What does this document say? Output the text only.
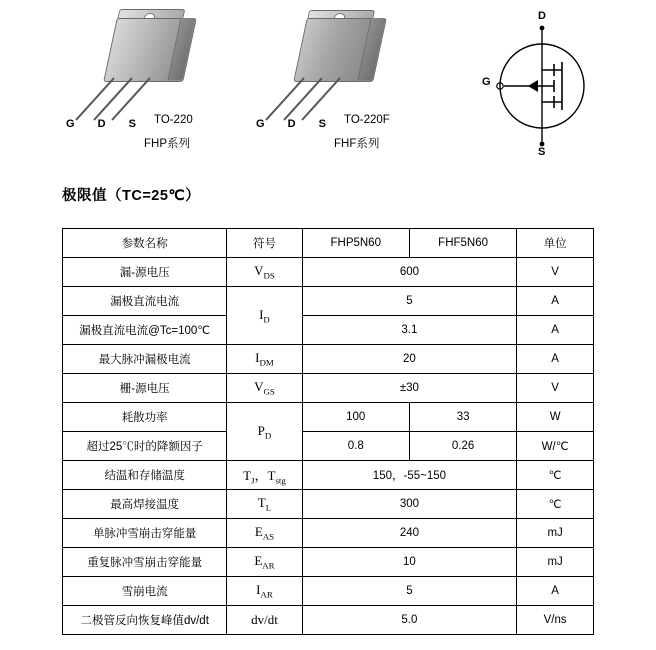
G D S TO-220
FHP系列
G D S TO-220F
FHF系列
D
G
S
极限值（TC=25℃）
参数名称	符号	FHP5N60	FHF5N60	单位
漏-源电压	$V_{DS}$	600		V
漏极直流电流	$I_D$	5		A
漏极直流电流@Tc=100℃		3.1		A
最大脉冲漏极电流	$I_{DM}$	20		A
栅-源电压	$V_{GS}$	±30		V
耗散功率	$P_D$	100	33	W
超过25℃时的降额因子		0.8	0.26	W/℃
结温和存储温度	$T_J$，$T_{stg}$	150，-55~150		℃
最高焊接温度	$T_L$	300		℃
单脉冲雪崩击穿能量	$E_{AS}$	240		mJ
重复脉冲雪崩击穿能量	$E_{AR}$	10		mJ
雪崩电流	$I_{AR}$	5		A
二极管反向恢复峰值dv/dt	dv/dt	5.0		V/ns
